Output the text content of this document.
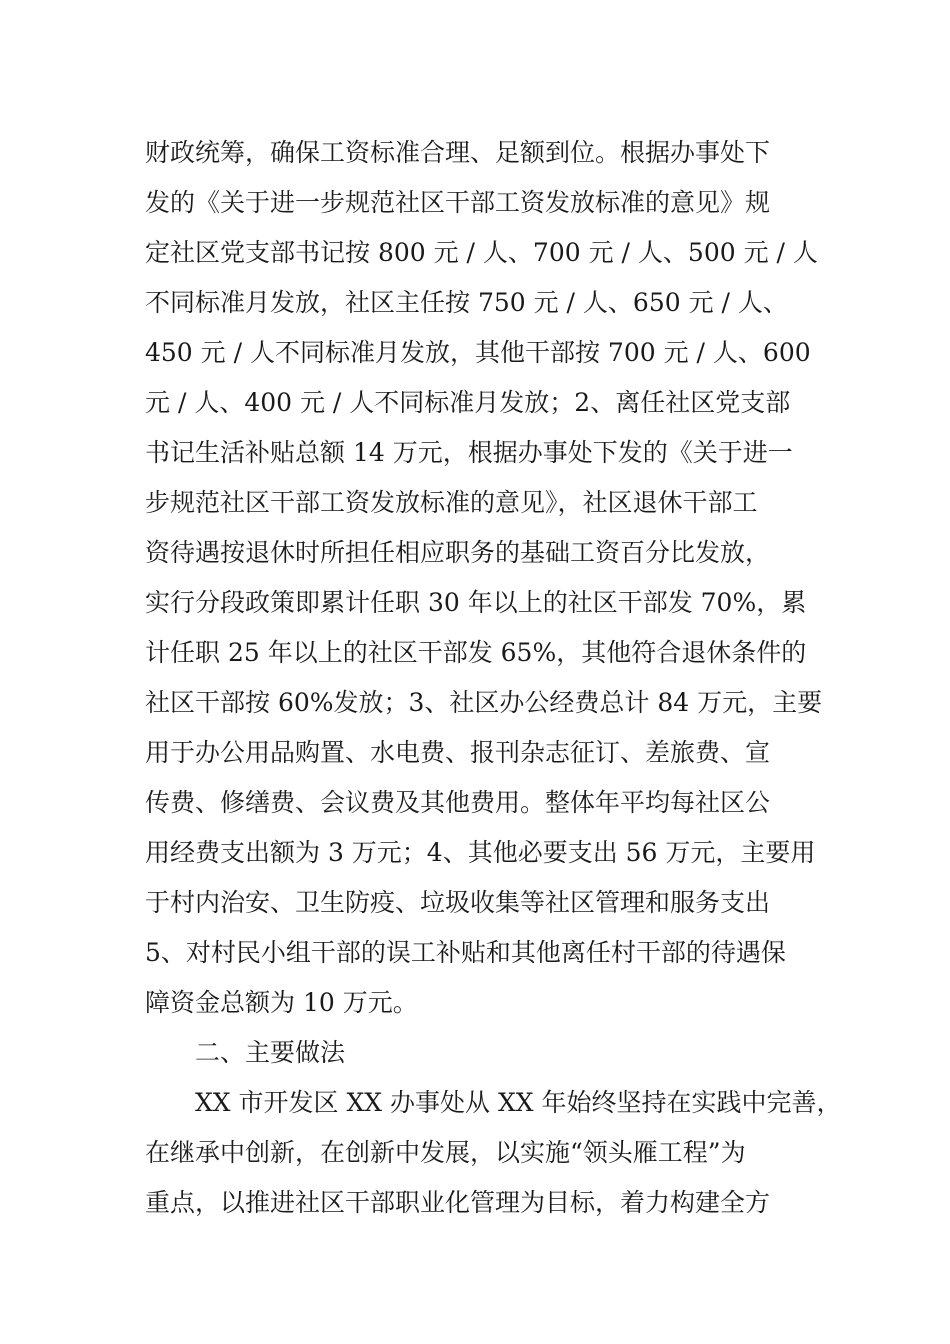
财政统筹，确保工资标准合理、足额到位。根据办事处下
发的《关于进一步规范社区干部工资发放标准的意见》规
定社区党支部书记按 800 元 / 人、700 元 / 人、500 元 / 人
不同标准月发放，社区主任按 750 元 / 人、650 元 / 人、
450 元 / 人不同标准月发放，其他干部按 700 元 / 人、600
元 / 人、400 元 / 人不同标准月发放；2、离任社区党支部
书记生活补贴总额 14 万元，根据办事处下发的《关于进一
步规范社区干部工资发放标准的意见》，社区退休干部工
资待遇按退休时所担任相应职务的基础工资百分比发放，
实行分段政策即累计任职 30 年以上的社区干部发 70%，累
计任职 25 年以上的社区干部发 65%，其他符合退休条件的
社区干部按 60%发放；3、社区办公经费总计 84 万元，主要
用于办公用品购置、水电费、报刊杂志征订、差旅费、宣
传费、修缮费、会议费及其他费用。整体年平均每社区公
用经费支出额为 3 万元；4、其他必要支出 56 万元，主要用
于村内治安、卫生防疫、垃圾收集等社区管理和服务支出
5、对村民小组干部的误工补贴和其他离任村干部的待遇保
障资金总额为 10 万元。
二、主要做法
XX 市开发区 XX 办事处从 XX 年始终坚持在实践中完善，
在继承中创新，在创新中发展，以实施“领头雁工程”为
重点，以推进社区干部职业化管理为目标，着力构建全方
